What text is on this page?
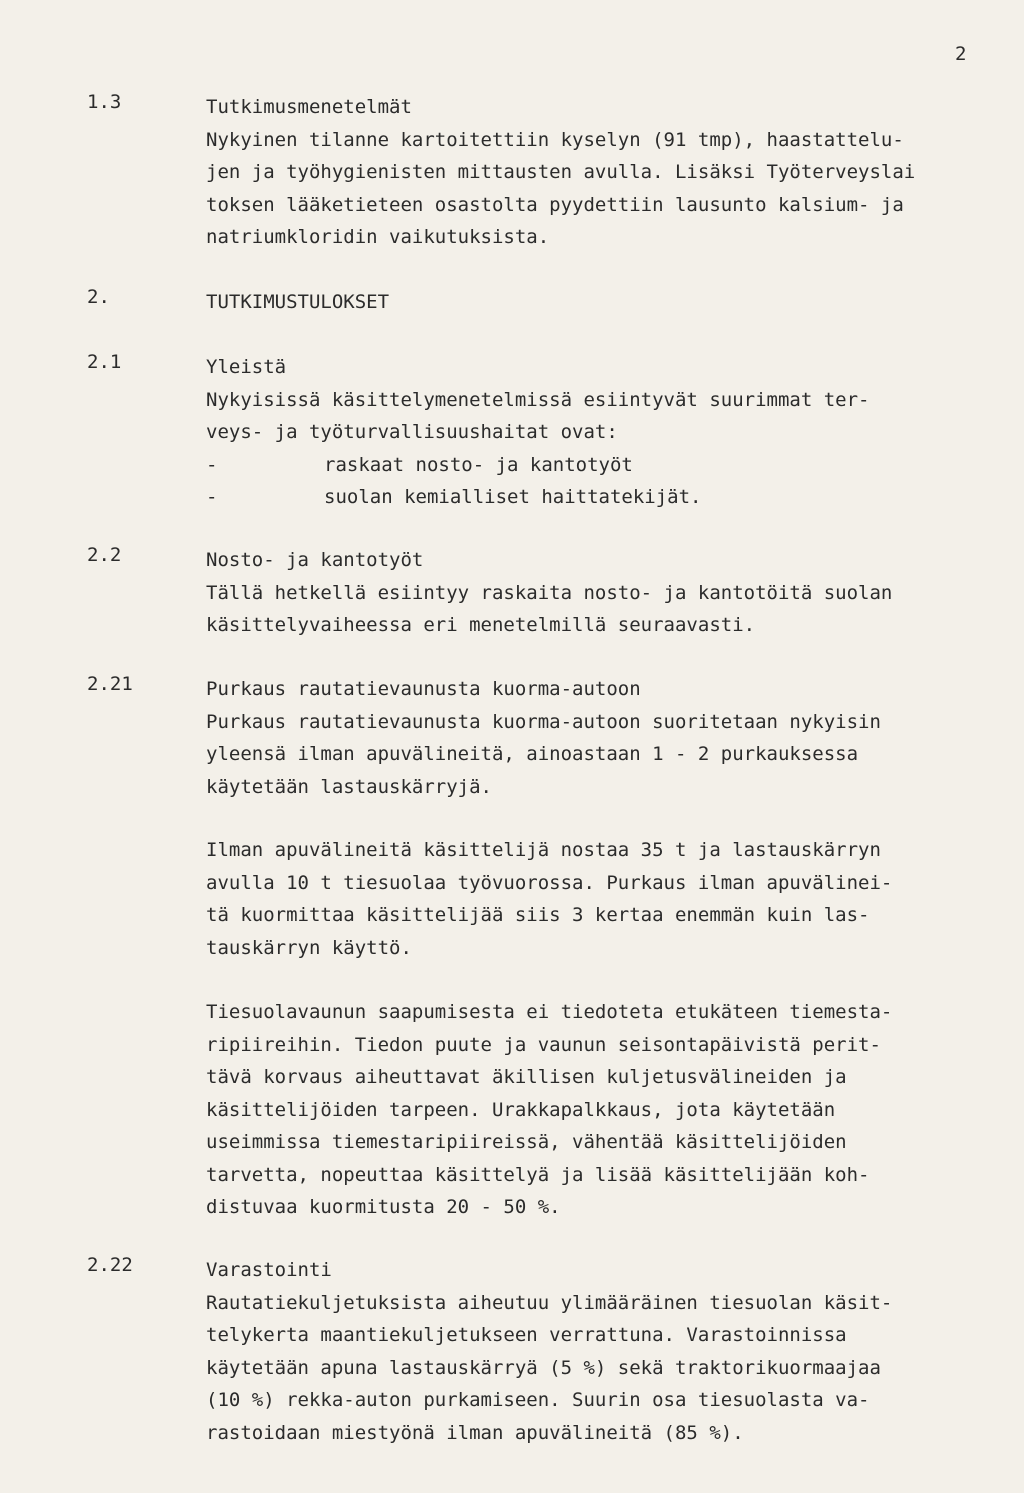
2
1.3	Tutkimusmenetelmät
Nykyinen tilanne kartoitettiin kyselyn (91 tmp), haastattelu-
jen ja työhygienisten mittausten avulla. Lisäksi Työterveyslai
toksen lääketieteen osastolta pyydettiin lausunto kalsium- ja
natriumkloridin vaikutuksista.
2.	TUTKIMUSTULOKSET
2.1	Yleistä
Nykyisissä käsittelymenetelmissä esiintyvät suurimmat ter-
veys- ja työturvallisuushaitat ovat:
-	raskaat nosto- ja kantotyöt
-	suolan kemialliset haittatekijät.
2.2	Nosto- ja kantotyöt
Tällä hetkellä esiintyy raskaita nosto- ja kantotöitä suolan
käsittelyvaiheessa eri menetelmillä seuraavasti.
2.21	Purkaus rautatievaunusta kuorma-autoon
Purkaus rautatievaunusta kuorma-autoon suoritetaan nykyisin
yleensä ilman apuvälineitä, ainoastaan 1 - 2 purkauksessa
käytetään lastauskärryjä.
Ilman apuvälineitä käsittelijä nostaa 35 t ja lastauskärryn
avulla 10 t tiesuolaa työvuorossa. Purkaus ilman apuvälinei-
tä kuormittaa käsittelijää siis 3 kertaa enemmän kuin las-
tauskärryn käyttö.
Tiesuolavaunun saapumisesta ei tiedoteta etukäteen tiemesta-
ripiireihin. Tiedon puute ja vaunun seisontapäivistä perit-
tävä korvaus aiheuttavat äkillisen kuljetusvälineiden ja
käsittelijöiden tarpeen. Urakkapalkkaus, jota käytetään
useimmissa tiemestaripiireissä, vähentää käsittelijöiden
tarvetta, nopeuttaa käsittelyä ja lisää käsittelijään koh-
distuvaa kuormitusta 20 - 50 %.
2.22	Varastointi
Rautatiekuljetuksista aiheutuu ylimääräinen tiesuolan käsit-
telykerta maantiekuljetukseen verrattuna. Varastoinnissa
käytetään apuna lastauskärryä (5 %) sekä traktorikuormaajaa
(10 %) rekka-auton purkamiseen. Suurin osa tiesuolasta va-
rastoidaan miestyönä ilman apuvälineitä (85 %).
